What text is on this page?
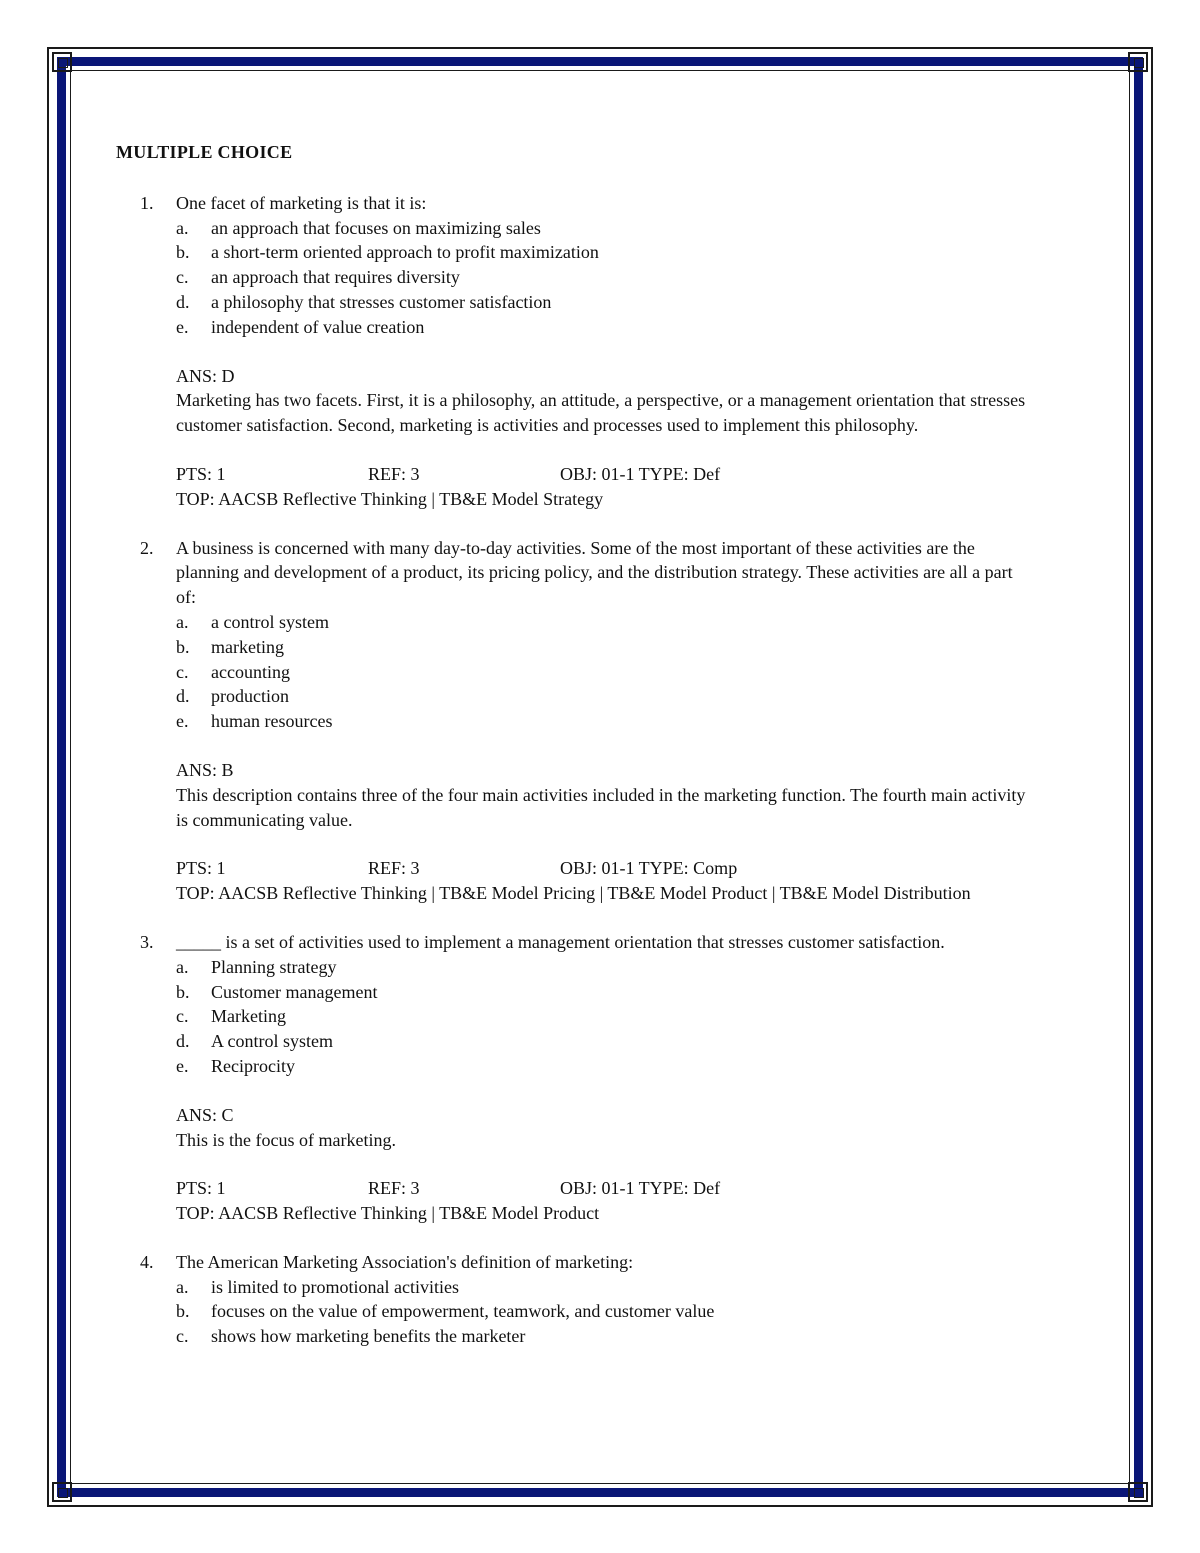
MULTIPLE CHOICE
1.	One facet of marketing is that it is:

a. an approach that focuses on maximizing sales
b. a short-term oriented approach to profit maximization
c. an approach that requires diversity
d. a philosophy that stresses customer satisfaction
e. independent of value creation
ANS: D
Marketing has two facets. First, it is a philosophy, an attitude, a perspective, or a management orientation that stresses customer satisfaction. Second, marketing is activities and processes used to implement this philosophy.
PTS: 1	REF: 3	OBJ: 01-1 TYPE: Def
TOP: AACSB Reflective Thinking | TB&E Model Strategy
2.	A business is concerned with many day-to-day activities. Some of the most important of these activities are the planning and development of a product, its pricing policy, and the distribution strategy. These activities are all a part of:

a. a control system
b. marketing
c. accounting
d. production
e. human resources
ANS: B
This description contains three of the four main activities included in the marketing function. The fourth main activity is communicating value.
PTS: 1	REF: 3	OBJ: 01-1 TYPE: Comp
TOP: AACSB Reflective Thinking | TB&E Model Pricing | TB&E Model Product | TB&E Model Distribution
3.	_____ is a set of activities used to implement a management orientation that stresses customer satisfaction.

a. Planning strategy
b. Customer management
c. Marketing
d. A control system
e. Reciprocity
ANS: C
This is the focus of marketing.
PTS: 1	REF: 3	OBJ: 01-1 TYPE: Def
TOP: AACSB Reflective Thinking | TB&E Model Product
4.	The American Marketing Association's definition of marketing:

a. is limited to promotional activities
b. focuses on the value of empowerment, teamwork, and customer value
c. shows how marketing benefits the marketer
